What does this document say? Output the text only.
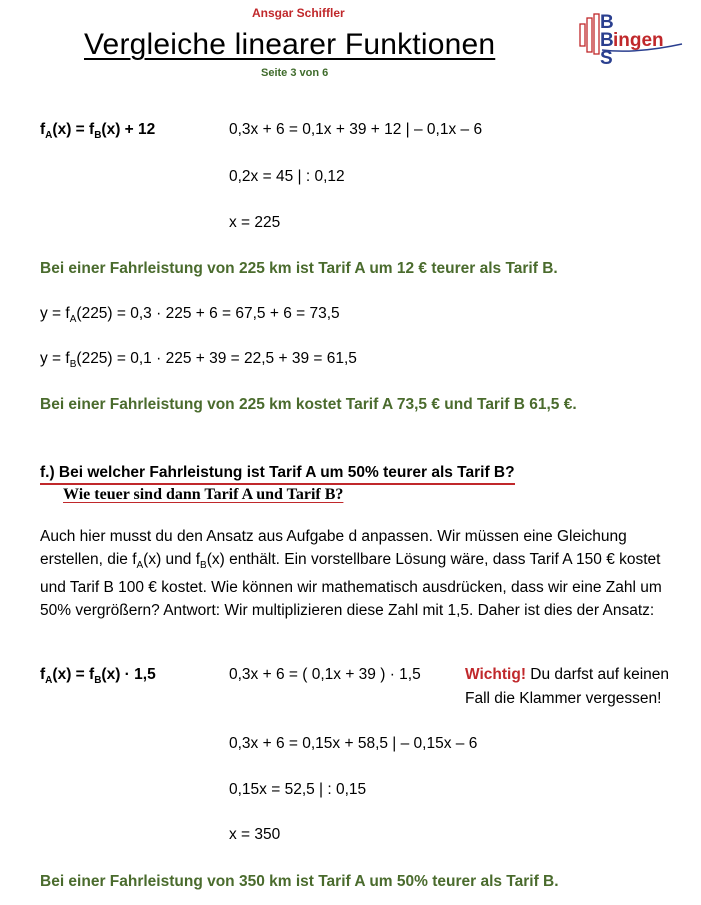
Ansgar Schiffler
Vergleiche linearer Funktionen
Seite 3 von 6
B
B
S
ingen
$f_A(x) = f_B(x) + 12$	0,3x + 6 = 0,1x + 39 + 12 | – 0,1x – 6
0,2x = 45 | : 0,12
x = 225
Bei einer Fahrleistung von 225 km ist Tarif A um 12 € teurer als Tarif B.
$y = f_A(225) = 0,3 \cdot 225 + 6 = 67,5 + 6 = 73,5$
$y = f_B(225) = 0,1 \cdot 225 + 39 = 22,5 + 39 = 61,5$
Bei einer Fahrleistung von 225 km kostet Tarif A 73,5 € und Tarif B 61,5 €.
f.) Bei welcher Fahrleistung ist Tarif A um 50% teurer als Tarif B?
Wie teuer sind dann Tarif A und Tarif B?
Auch hier musst du den Ansatz aus Aufgabe d anpassen. Wir müssen eine Gleichung erstellen, die $f_A(x)$ und $f_B(x)$ enthält. Ein vorstellbare Lösung wäre, dass Tarif A 150 € kostet und Tarif B 100 € kostet. Wie können wir mathematisch ausdrücken, dass wir eine Zahl um 50% vergrößern? Antwort: Wir multiplizieren diese Zahl mit 1,5. Daher ist dies der Ansatz:
$f_A(x) = f_B(x) \cdot 1,5$	0,3x + 6 = ( 0,1x + 39 ) · 1,5	Wichtig! Du darfst auf keinen
Fall die Klammer vergessen!
0,3x + 6 = 0,15x + 58,5 | – 0,15x – 6
0,15x = 52,5 | : 0,15
x = 350
Bei einer Fahrleistung von 350 km ist Tarif A um 50% teurer als Tarif B.
